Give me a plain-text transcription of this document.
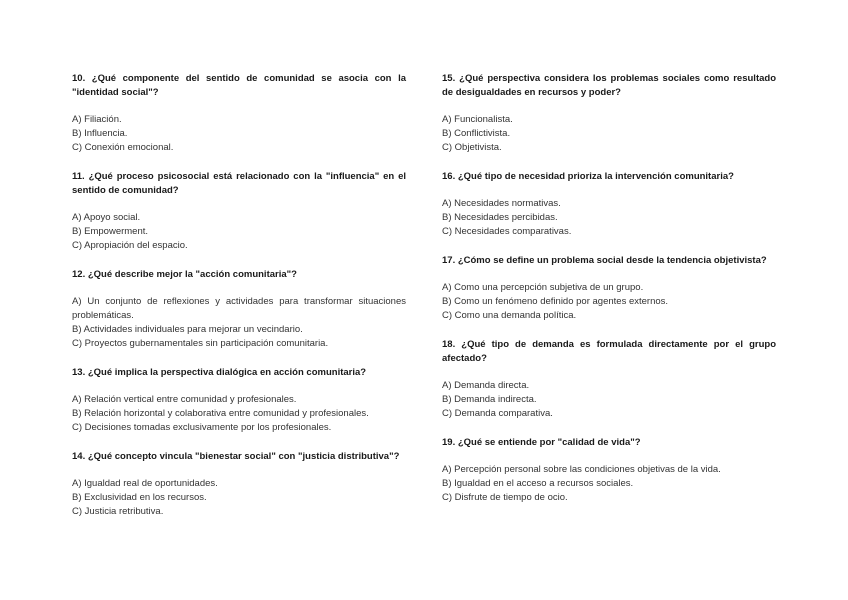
10. ¿Qué componente del sentido de comunidad se asocia con la "identidad social"?

A) Filiación.

B) Influencia.

C) Conexión emocional.

11. ¿Qué proceso psicosocial está relacionado con la "influencia" en el sentido de comunidad?

A) Apoyo social.

B) Empowerment.

C) Apropiación del espacio.

12. ¿Qué describe mejor la "acción comunitaria"?

A) Un conjunto de reflexiones y actividades para transformar situaciones problemáticas.

B) Actividades individuales para mejorar un vecindario.

C) Proyectos gubernamentales sin participación comunitaria.

13. ¿Qué implica la perspectiva dialógica en acción comunitaria?

A) Relación vertical entre comunidad y profesionales.

B) Relación horizontal y colaborativa entre comunidad y profesionales.

C) Decisiones tomadas exclusivamente por los profesionales.

14. ¿Qué concepto vincula "bienestar social" con "justicia distributiva"?

A) Igualdad real de oportunidades.

B) Exclusividad en los recursos.

C) Justicia retributiva.

15. ¿Qué perspectiva considera los problemas sociales como resultado de desigualdades en recursos y poder?

A) Funcionalista.

B) Conflictivista.

C) Objetivista.

16. ¿Qué tipo de necesidad prioriza la intervención comunitaria?

A) Necesidades normativas.

B) Necesidades percibidas.

C) Necesidades comparativas.

17. ¿Cómo se define un problema social desde la tendencia objetivista?

A) Como una percepción subjetiva de un grupo.

B) Como un fenómeno definido por agentes externos.

C) Como una demanda política.

18. ¿Qué tipo de demanda es formulada directamente por el grupo afectado?

A) Demanda directa.

B) Demanda indirecta.

C) Demanda comparativa.

19. ¿Qué se entiende por "calidad de vida"?

A) Percepción personal sobre las condiciones objetivas de la vida.

B) Igualdad en el acceso a recursos sociales.

C) Disfrute de tiempo de ocio.
